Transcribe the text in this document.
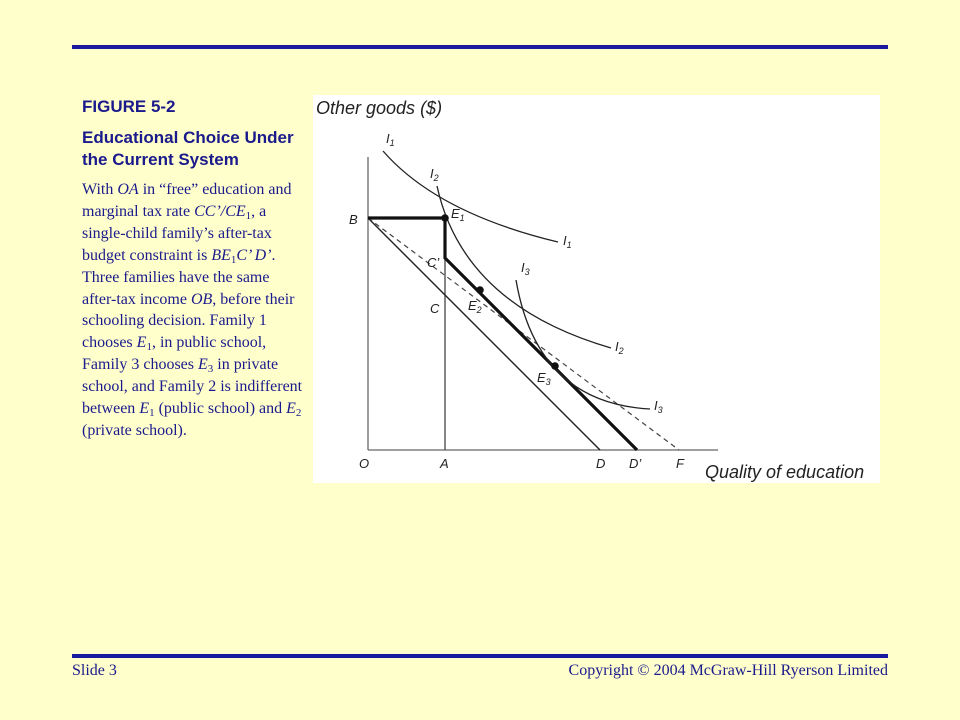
FIGURE 5-2

Educational Choice Under the Current System

With OA in “free” education and marginal tax rate $CC’/CE_1$, a single-child family’s after-tax budget constraint is $BE_1C$’ D’. Three families have the same after-tax income OB, before their schooling decision. Family 1 chooses $E_1$, in public school, Family 3 chooses $E_3$ in private school, and Family 2 is indifferent between $E_1$ (public school) and $E_2$ (private school).

Other goods ($)
Quality of education
B
O	A
C
C’
D D’	F
$E_1$
$E_2$
$E_3$
$I_1$
$I_1$
$I_2$
$I_2$
$I_3$
$I_3$
Slide 3	Copyright © 2004 McGraw-Hill Ryerson Limited
